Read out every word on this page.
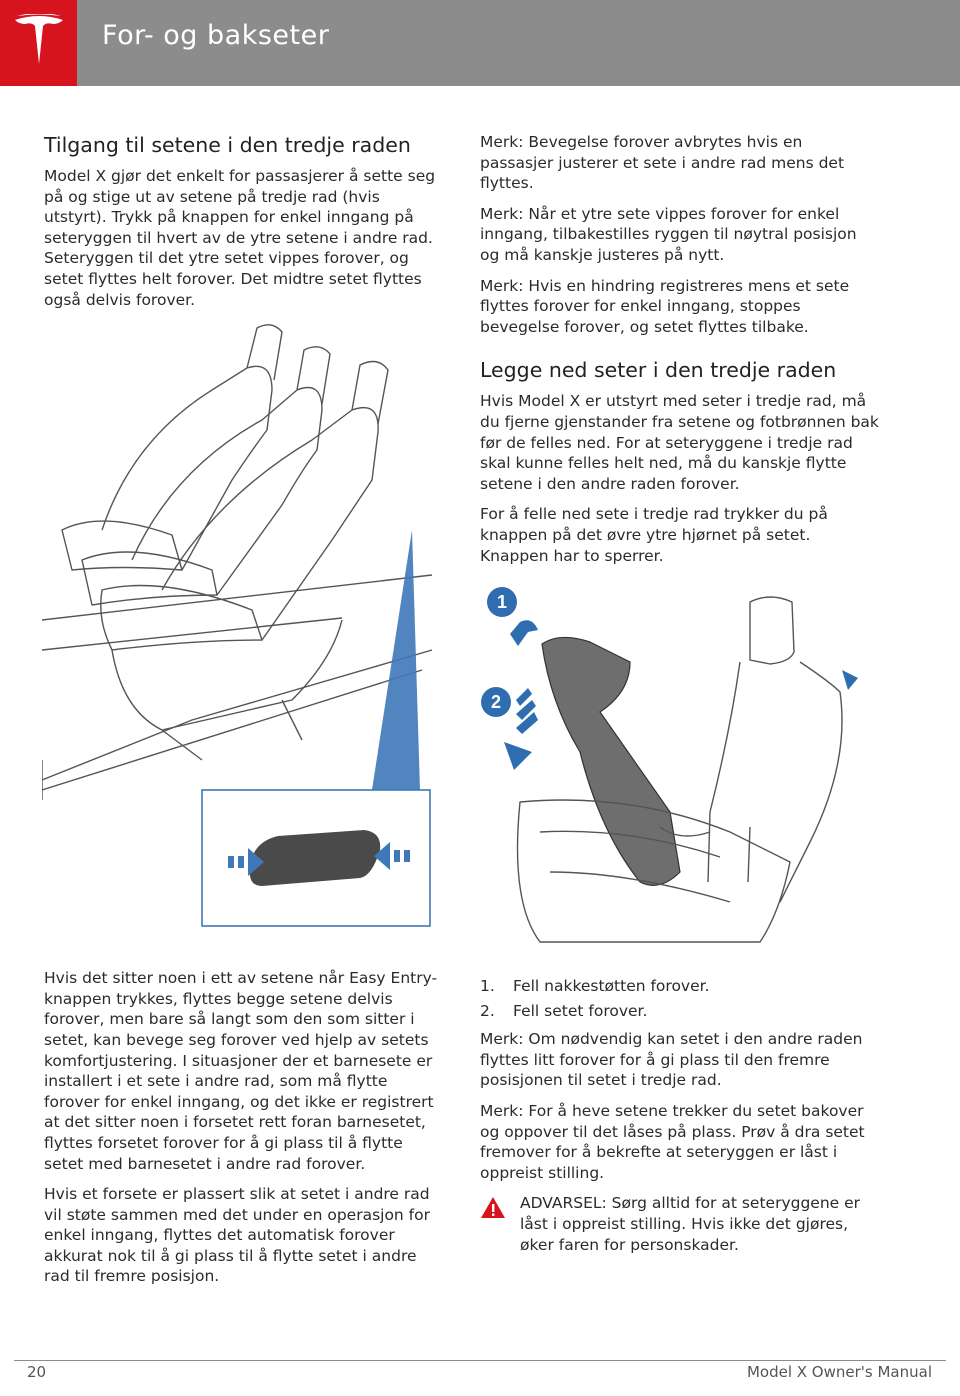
For- og bakseter
Tilgang til setene i den tredje raden

Model X gjør det enkelt for passasjerer å sette seg på og stige ut av setene på tredje rad (hvis utstyrt). Trykk på knappen for enkel inngang på seteryggen til hvert av de ytre setene i andre rad. Seteryggen til det ytre setet vippes forover, og setet flyttes helt forover. Det midtre setet flyttes også delvis forover.

Hvis det sitter noen i ett av setene når Easy Entry-knappen trykkes, flyttes begge setene delvis forover, men bare så langt som den som sitter i setet, kan bevege seg forover ved hjelp av setets komfortjustering. I situasjoner der et barnesete er installert i et sete i andre rad, som må flytte forover for enkel inngang, og det ikke er registrert at det sitter noen i forsetet rett foran barnesetet, flyttes forsetet forover for å gi plass til å flytte setet med barnesetet i andre rad forover.

Hvis et forsete er plassert slik at setet i andre rad vil støte sammen med det under en operasjon for enkel inngang, flyttes det automatisk forover akkurat nok til å gi plass til å flytte setet i andre rad til fremre posisjon.

Merk: Bevegelse forover avbrytes hvis en passasjer justerer et sete i andre rad mens det flyttes.

Merk: Når et ytre sete vippes forover for enkel inngang, tilbakestilles ryggen til nøytral posisjon og må kanskje justeres på nytt.

Merk: Hvis en hindring registreres mens et sete flyttes forover for enkel inngang, stoppes bevegelse forover, og setet flyttes tilbake.

Legge ned seter i den tredje raden

Hvis Model X er utstyrt med seter i tredje rad, må du fjerne gjenstander fra setene og fotbrønnen bak før de felles ned. For at seteryggene i tredje rad skal kunne felles helt ned, må du kanskje flytte setene i den andre raden forover.

For å felle ned sete i tredje rad trykker du på knappen på det øvre ytre hjørnet på setet. Knappen har to sperrer.

1
2
1.	Fell nakkestøtten forover.
2.	Fell setet forover.

Merk: Om nødvendig kan setet i den andre raden flyttes litt forover for å gi plass til den fremre posisjonen til setet i tredje rad.

Merk: For å heve setene trekker du setet bakover og oppover til det låses på plass. Prøv å dra setet fremover for å bekrefte at seteryggen er låst i oppreist stilling.

ADVARSEL: Sørg alltid for at seteryggene er låst i oppreist stilling. Hvis ikke det gjøres, øker faren for personskader.
20	Model X Owner's Manual
